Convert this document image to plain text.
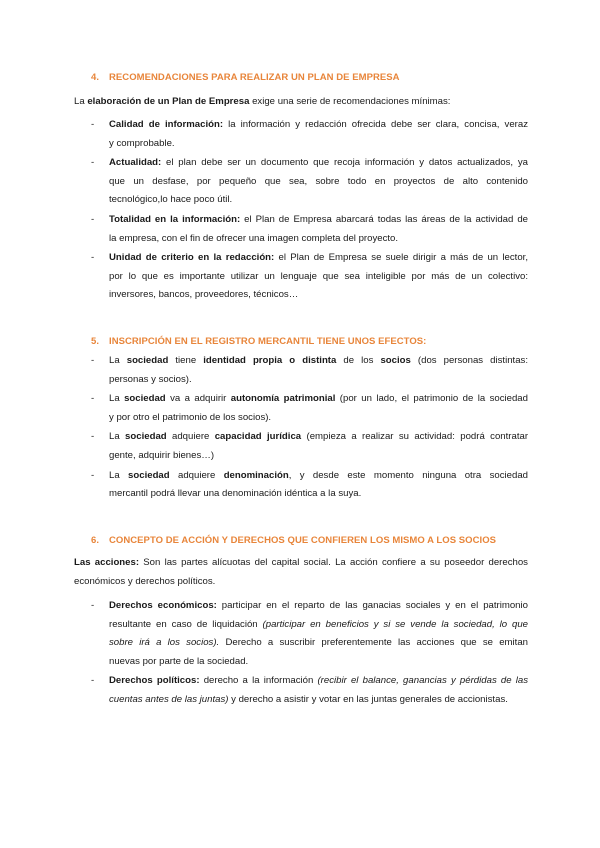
4. RECOMENDACIONES PARA REALIZAR UN PLAN DE EMPRESA
La elaboración de un Plan de Empresa exige una serie de recomendaciones mínimas:
- Calidad de información: la información y redacción ofrecida debe ser clara, concisa, veraz
y comprobable.
- Actualidad: el plan debe ser un documento que recoja información y datos actualizados, ya
que un desfase, por pequeño que sea, sobre todo en proyectos de alto contenido
tecnológico,lo hace poco útil.
- Totalidad en la información: el Plan de Empresa abarcará todas las áreas de la actividad de
la empresa, con el fin de ofrecer una imagen completa del proyecto.
- Unidad de criterio en la redacción: el Plan de Empresa se suele dirigir a más de un lector,
por lo que es importante utilizar un lenguaje que sea inteligible por más de un colectivo:
inversores, bancos, proveedores, técnicos…
5. INSCRIPCIÓN EN EL REGISTRO MERCANTIL TIENE UNOS EFECTOS:
- La sociedad tiene identidad propia o distinta de los socios (dos personas distintas:
personas y socios).
- La sociedad va a adquirir autonomía patrimonial (por un lado, el patrimonio de la sociedad
y por otro el patrimonio de los socios).
- La sociedad adquiere capacidad jurídica (empieza a realizar su actividad: podrá contratar
gente, adquirir bienes…)
- La sociedad adquiere denominación, y desde este momento ninguna otra sociedad
mercantil podrá llevar una denominación idéntica a la suya.
6. CONCEPTO DE ACCIÓN Y DERECHOS QUE CONFIEREN LOS MISMO A LOS SOCIOS
Las acciones: Son las partes alícuotas del capital social. La acción confiere a su poseedor derechos
económicos y derechos políticos.
- Derechos económicos: participar en el reparto de las ganacias sociales y en el patrimonio
resultante en caso de liquidación (participar en beneficios y si se vende la sociedad, lo que
sobre irá a los socios). Derecho a suscribir preferentemente las acciones que se emitan
nuevas por parte de la sociedad.
- Derechos políticos: derecho a la información (recibir el balance, ganancias y pérdidas de las
cuentas antes de las juntas) y derecho a asistir y votar en las juntas generales de accionistas.
